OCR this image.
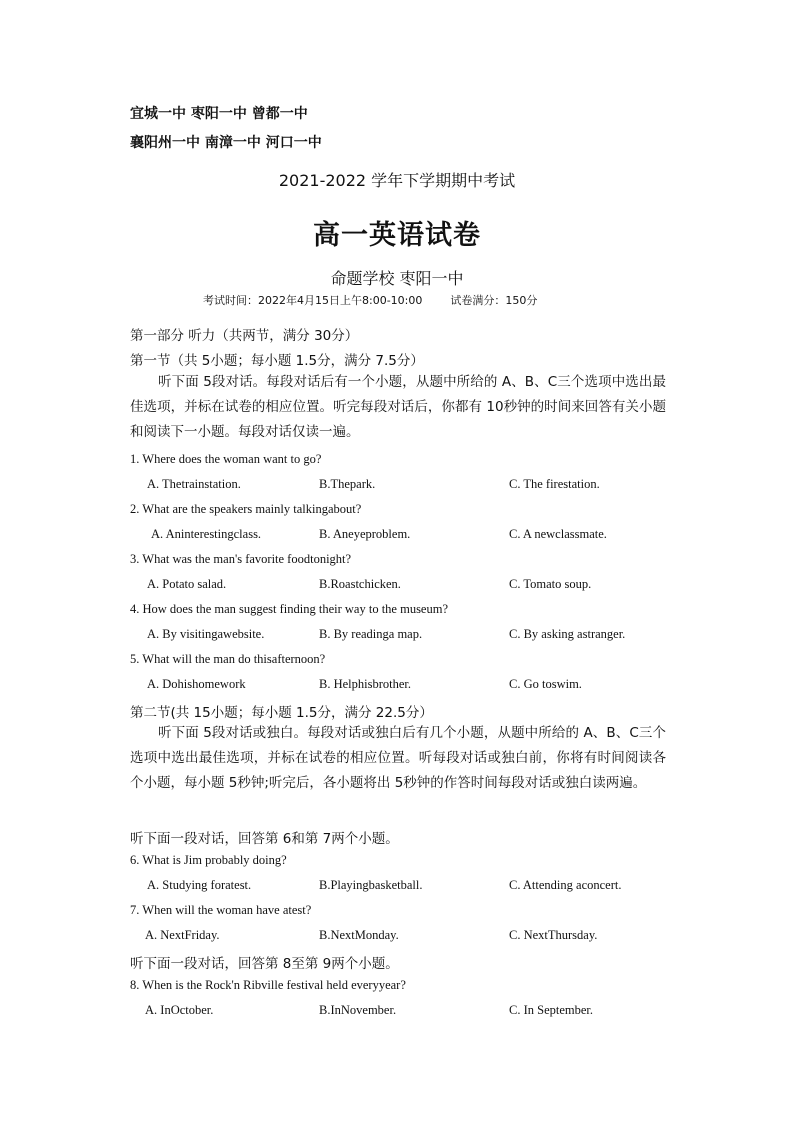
宜城一中 枣阳一中 曾都一中
襄阳州一中 南漳一中 河口一中
2021-2022 学年下学期期中考试
高一英语试卷
命题学校 枣阳一中
考试时间：2022年4月15日上午8:00-10:00	试卷满分：150分
第一部分 听力（共两节，满分 30分）
第一节（共 5小题；每小题 1.5分，满分 7.5分）
听下面 5段对话。每段对话后有一个小题，从题中所给的 A、B、C三个选项中选出最佳选项，并标在试卷的相应位置。听完每段对话后，你都有 10秒钟的时间来回答有关小题和阅读下一小题。每段对话仅读一遍。
1. Where does the woman want to go?
A. Thetrainstation.	B.Thepark.	C. The firestation.
2. What are the speakers mainly talkingabout?
A. Aninterestingclass.	B. Aneyeproblem.	C. A newclassmate.
3. What was the man's favorite foodtonight?
A. Potato salad.	B.Roastchicken.	C. Tomato soup.
4. How does the man suggest finding their way to the museum?
A. By visitingawebsite.	B. By readinga map.	C. By asking astranger.
5. What will the man do thisafternoon?
A. Dohishomework	B. Helphisbrother.	C. Go toswim.
第二节(共 15小题；每小题 1.5分，满分 22.5分）
听下面 5段对话或独白。每段对话或独白后有几个小题，从题中所给的 A、B、C三个选项中选出最佳选项，并标在试卷的相应位置。听每段对话或独白前，你将有时间阅读各个小题，每小题 5秒钟;听完后，各小题将出 5秒钟的作答时间每段对话或独白读两遍。
听下面一段对话，回答第 6和第 7两个小题。
6. What is Jim probably doing?
A. Studying foratest.	B.Playingbasketball.	C. Attending aconcert.
7. When will the woman have atest?
A. NextFriday.	B.NextMonday.	C. NextThursday.
听下面一段对话，回答第 8至第 9两个小题。
8. When is the Rock'n Ribville festival held everyyear?
A. InOctober.	B.InNovember.	C. In September.
